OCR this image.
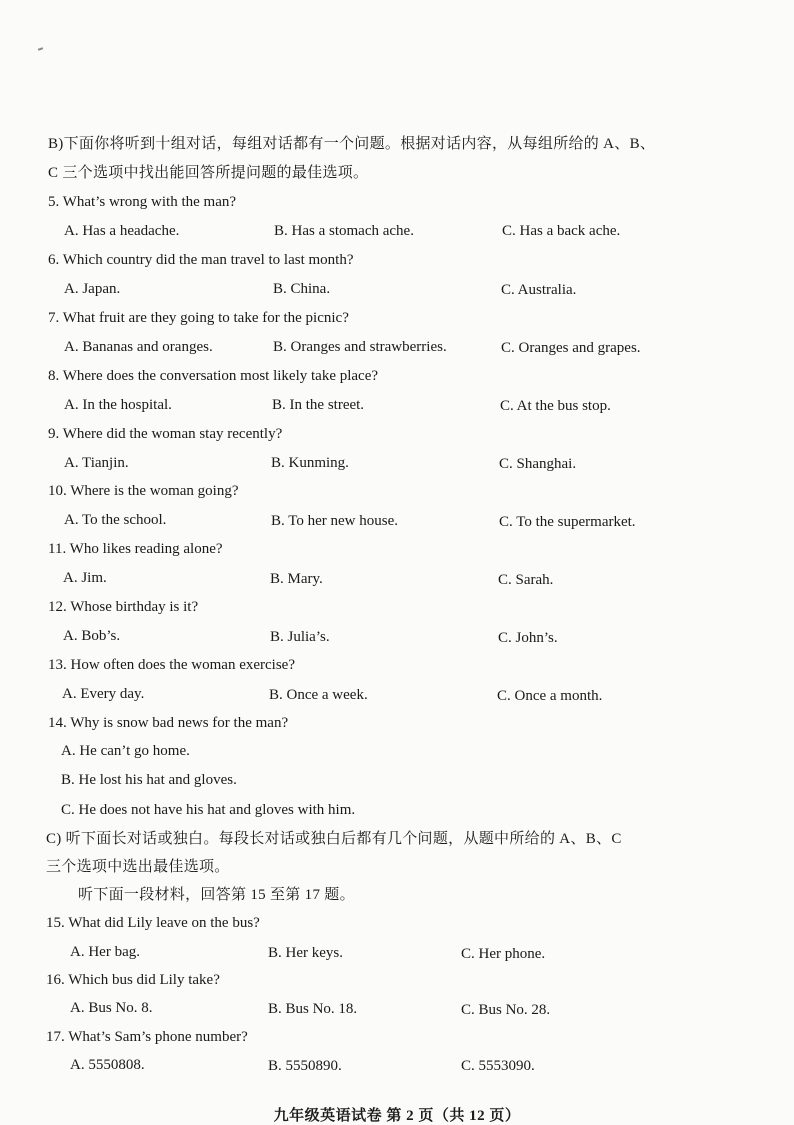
B)下面你将听到十组对话，每组对话都有一个问题。根据对话内容，从每组所给的 A、B、
C 三个选项中找出能回答所提问题的最佳选项。
5. What’s wrong with the man?
A. Has a headache.	B. Has a stomach ache.	C. Has a back ache.
6. Which country did the man travel to last month?
A. Japan.	B. China.	C. Australia.
7. What fruit are they going to take for the picnic?
A. Bananas and oranges.	B. Oranges and strawberries.	C. Oranges and grapes.
8. Where does the conversation most likely take place?
A. In the hospital.	B. In the street.	C. At the bus stop.
9. Where did the woman stay recently?
A. Tianjin.	B. Kunming.	C. Shanghai.
10. Where is the woman going?
A. To the school.	B. To her new house.	C. To the supermarket.
11. Who likes reading alone?
A. Jim.	B. Mary.	C. Sarah.
12. Whose birthday is it?
A. Bob’s.	B. Julia’s.	C. John’s.
13. How often does the woman exercise?
A. Every day.	B. Once a week.	C. Once a month.
14. Why is snow bad news for the man?
A. He can’t go home.
B. He lost his hat and gloves.
C. He does not have his hat and gloves with him.
C) 听下面长对话或独白。每段长对话或独白后都有几个问题，从题中所给的 A、B、C
三个选项中选出最佳选项。
听下面一段材料，回答第 15 至第 17 题。
15. What did Lily leave on the bus?
A. Her bag.	B. Her keys.	C. Her phone.
16. Which bus did Lily take?
A. Bus No. 8.	B. Bus No. 18.	C. Bus No. 28.
17. What’s Sam’s phone number?
A. 5550808.	B. 5550890.	C. 5553090.
九年级英语试卷 第 2 页（共 12 页）
